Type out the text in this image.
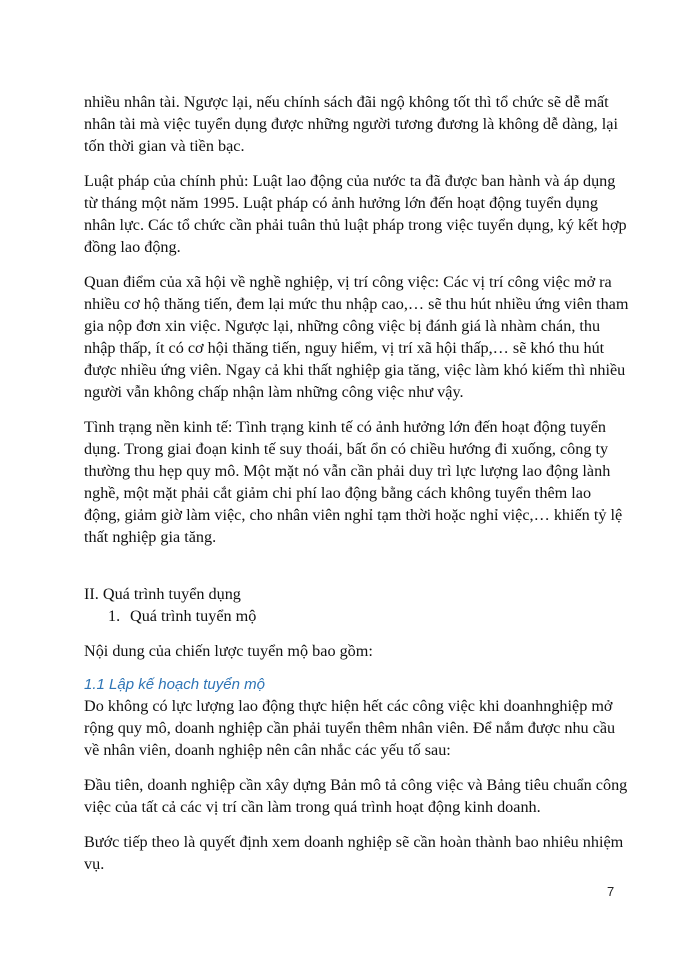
nhiều nhân tài. Ngược lại, nếu chính sách đãi ngộ không tốt thì tổ chức sẽ dễ mất nhân tài mà việc tuyển dụng được những người tương đương là không dễ dàng, lại tốn thời gian và tiền bạc.

Luật pháp của chính phủ: Luật lao động của nước ta đã được ban hành và áp dụng từ tháng một năm 1995. Luật pháp có ảnh hưởng lớn đến hoạt động tuyển dụng nhân lực. Các tổ chức cần phải tuân thủ luật pháp trong việc tuyển dụng, ký kết hợp đồng lao động.

Quan điểm của xã hội về nghề nghiệp, vị trí công việc: Các vị trí công việc mở ra nhiều cơ hộ thăng tiến, đem lại mức thu nhập cao,… sẽ thu hút nhiều ứng viên tham gia nộp đơn xin việc. Ngược lại, những công việc bị đánh giá là nhàm chán, thu nhập thấp, ít có cơ hội thăng tiến, nguy hiểm, vị trí xã hội thấp,… sẽ khó thu hút được nhiều ứng viên. Ngay cả khi thất nghiệp gia tăng, việc làm khó kiếm thì nhiều người vẫn không chấp nhận làm những công việc như vậy.

Tình trạng nền kinh tế: Tình trạng kinh tế có ảnh hưởng lớn đến hoạt động tuyển dụng. Trong giai đoạn kinh tế suy thoái, bất ổn có chiều hướng đi xuống, công ty thường thu hẹp quy mô. Một mặt nó vẫn cần phải duy trì lực lượng lao động lành nghề, một mặt phải cắt giảm chi phí lao động bằng cách không tuyển thêm lao động, giảm giờ làm việc, cho nhân viên nghỉ tạm thời hoặc nghỉ việc,… khiến tỷ lệ thất nghiệp gia tăng.

II. Quá trình tuyển dụng

1. Quá trình tuyển mộ

Nội dung của chiến lược tuyển mộ bao gồm:

1.1 Lập kế hoạch tuyển mộ

Do không có lực lượng lao động thực hiện hết các công việc khi doanhnghiệp mở rộng quy mô, doanh nghiệp cần phải tuyển thêm nhân viên. Để nắm được nhu cầu về nhân viên, doanh nghiệp nên cân nhắc các yếu tố sau:

Đầu tiên, doanh nghiệp cần xây dựng Bản mô tả công việc và Bảng tiêu chuẩn công việc của tất cả các vị trí cần làm trong quá trình hoạt động kinh doanh.

Bước tiếp theo là quyết định xem doanh nghiệp sẽ cần hoàn thành bao nhiêu nhiệm vụ.

7
